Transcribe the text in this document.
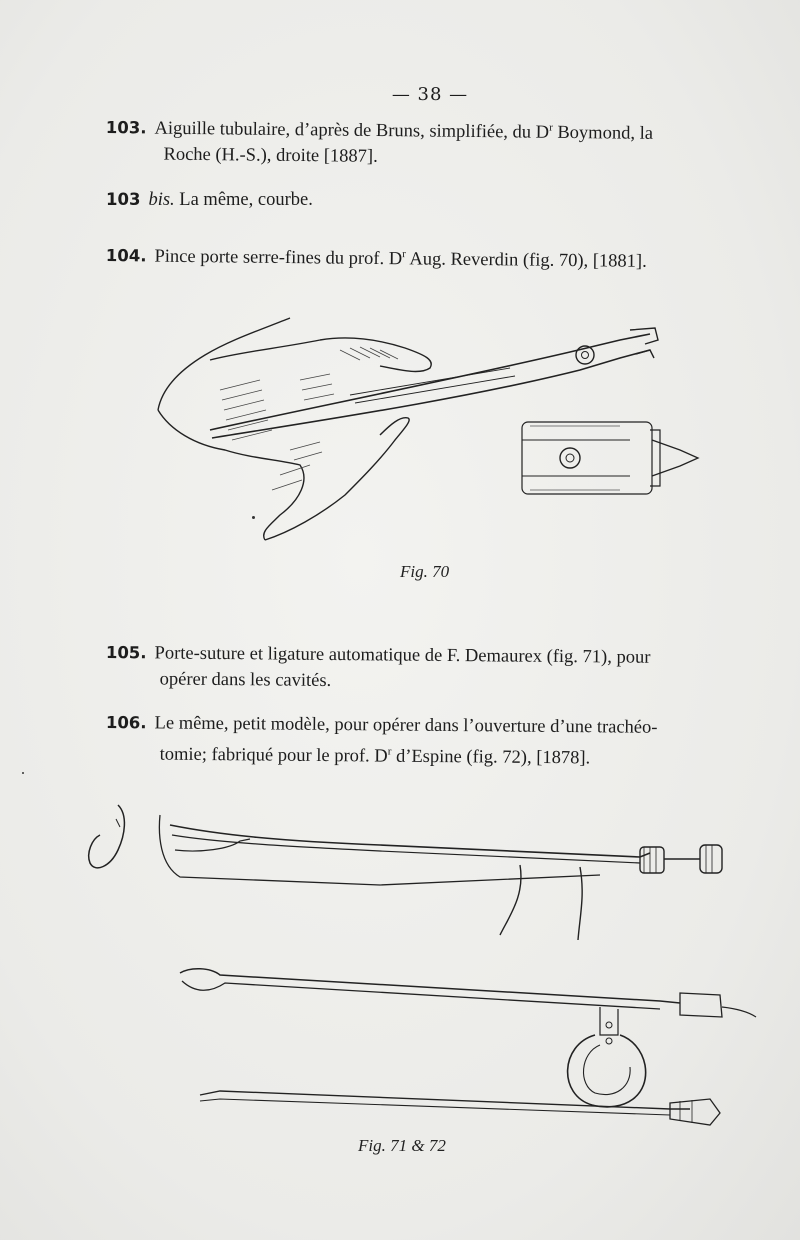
— 38 —
103. Aiguille tubulaire, d’après de Bruns, simplifiée, du $D^r$ Boymond, la
Roche (H.-S.), droite [1887].
103 bis. La même, courbe.
104. Pince porte serre-fines du prof. $D^r$ Aug. Reverdin (fig. 70), [1881].
Fig. 70
105. Porte-suture et ligature automatique de F. Demaurex (fig. 71), pour
opérer dans les cavités.
106. Le même, petit modèle, pour opérer dans l’ouverture d’une trachéo-
tomie; fabriqué pour le prof. $D^r$ d’Espine (fig. 72), [1878].
Fig. 71 & 72
